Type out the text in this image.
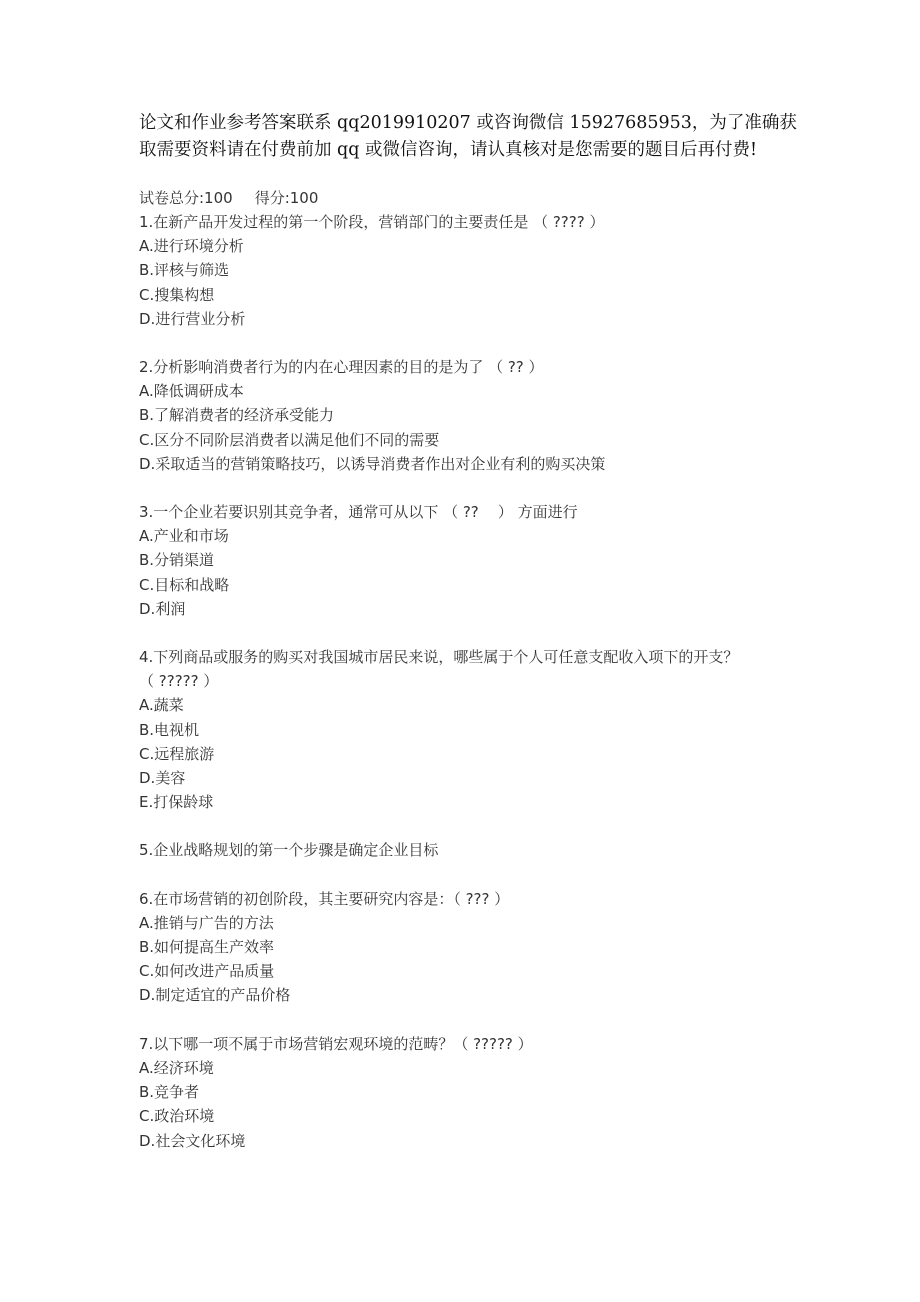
论文和作业参考答案联系 qq2019910207 或咨询微信 15927685953，为了准确获
取需要资料请在付费前加 qq 或微信咨询，请认真核对是您需要的题目后再付费!
试卷总分:100 得分:100
1.在新产品开发过程的第一个阶段，营销部门的主要责任是 （ ???? ）
A.进行环境分析
B.评核与筛选
C.搜集构想
D.进行营业分析
2.分析影响消费者行为的内在心理因素的目的是为了 （ ?? ）
A.降低调研成本
B.了解消费者的经济承受能力
C.区分不同阶层消费者以满足他们不同的需要
D.采取适当的营销策略技巧，以诱导消费者作出对企业有利的购买决策
3.一个企业若要识别其竞争者，通常可从以下 （ ??    ） 方面进行
A.产业和市场
B.分销渠道
C.目标和战略
D.利润
4.下列商品或服务的购买对我国城市居民来说，哪些属于个人可任意支配收入项下的开支？
（ ????? ）
A.蔬菜
B.电视机
C.远程旅游
D.美容
E.打保龄球
5.企业战略规划的第一个步骤是确定企业目标
6.在市场营销的初创阶段，其主要研究内容是：（ ??? ）
A.推销与广告的方法
B.如何提高生产效率
C.如何改进产品质量
D.制定适宜的产品价格
7.以下哪一项不属于市场营销宏观环境的范畴？（ ????? ）
A.经济环境
B.竞争者
C.政治环境
D.社会文化环境
